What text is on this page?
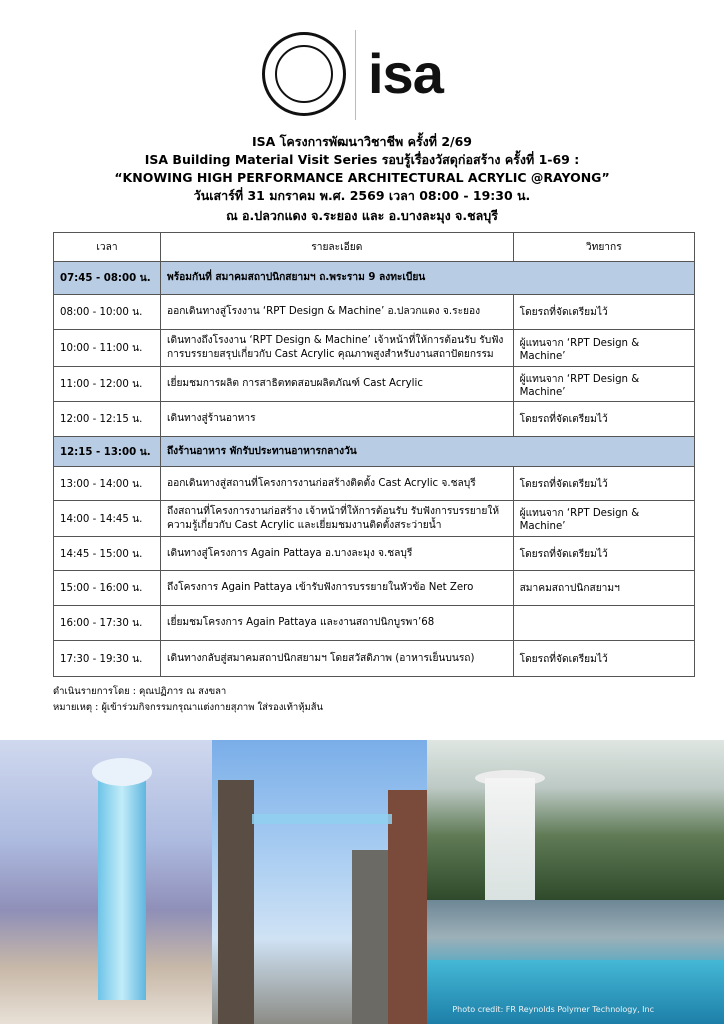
isa
ISA โครงการพัฒนาวิชาชีพ ครั้งที่ 2/69
ISA Building Material Visit Series รอบรู้เรื่องวัสดุก่อสร้าง ครั้งที่ 1-69 :
“KNOWING HIGH PERFORMANCE ARCHITECTURAL ACRYLIC @RAYONG”
วันเสาร์ที่ 31 มกราคม พ.ศ. 2569 เวลา 08:00 - 19:30 น.
ณ อ.ปลวกแดง จ.ระยอง และ อ.บางละมุง จ.ชลบุรี
เวลา	รายละเอียด	วิทยากร
07:45 - 08:00 น.	พร้อมกันที่ สมาคมสถาปนิกสยามฯ ถ.พระราม 9 ลงทะเบียน	
08:00 - 10:00 น.	ออกเดินทางสู่โรงงาน ‘RPT Design & Machine’ อ.ปลวกแดง จ.ระยอง	โดยรถที่จัดเตรียมไว้
10:00 - 11:00 น.	เดินทางถึงโรงงาน ‘RPT Design & Machine’ เจ้าหน้าที่ให้การต้อนรับ รับฟังการบรรยายสรุปเกี่ยวกับ Cast Acrylic คุณภาพสูงสำหรับงานสถาปัตยกรรม	ผู้แทนจาก ‘RPT Design & Machine’
11:00 - 12:00 น.	เยี่ยมชมการผลิต การสาธิตทดสอบผลิตภัณฑ์ Cast Acrylic	ผู้แทนจาก ‘RPT Design & Machine’
12:00 - 12:15 น.	เดินทางสู่ร้านอาหาร	โดยรถที่จัดเตรียมไว้
12:15 - 13:00 น.	ถึงร้านอาหาร พักรับประทานอาหารกลางวัน	
13:00 - 14:00 น.	ออกเดินทางสู่สถานที่โครงการงานก่อสร้างติดตั้ง Cast Acrylic จ.ชลบุรี	โดยรถที่จัดเตรียมไว้
14:00 - 14:45 น.	ถึงสถานที่โครงการงานก่อสร้าง เจ้าหน้าที่ให้การต้อนรับ รับฟังการบรรยายให้ความรู้เกี่ยวกับ Cast Acrylic และเยี่ยมชมงานติดตั้งสระว่ายน้ำ	ผู้แทนจาก ‘RPT Design & Machine’
14:45 - 15:00 น.	เดินทางสู่โครงการ Again Pattaya อ.บางละมุง จ.ชลบุรี	โดยรถที่จัดเตรียมไว้
15:00 - 16:00 น.	ถึงโครงการ Again Pattaya เข้ารับฟังการบรรยายในหัวข้อ Net Zero	สมาคมสถาปนิกสยามฯ
16:00 - 17:30 น.	เยี่ยมชมโครงการ Again Pattaya และงานสถาปนิกบูรพา’68	
17:30 - 19:30 น.	เดินทางกลับสู่สมาคมสถาปนิกสยามฯ โดยสวัสดิภาพ (อาหารเย็นบนรถ)	โดยรถที่จัดเตรียมไว้
ดำเนินรายการโดย : คุณปฏิภาร ณ สงขลา
หมายเหตุ : ผู้เข้าร่วมกิจกรรมกรุณาแต่งกายสุภาพ ใส่รองเท้าหุ้มส้น
Photo credit: FR Reynolds Polymer Technology, Inc
